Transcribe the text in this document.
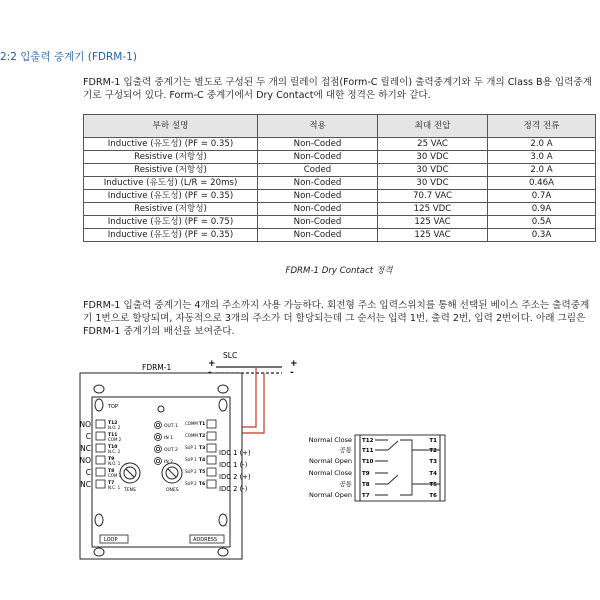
2:2 입출력 중계기 (FDRM-1)

FDRM-1 입출력 중계기는 별도로 구성된 두 개의 릴레이 접점(Form-C 릴레이) 출력중계기와 두 개의 Class B용 입력중계기로 구성되어 있다. Form-C 중계기에서 Dry Contact에 대한 정격은 하기와 같다.

부하 설명	적용	최대 전압	정격 전류
Inductive (유도성) (PF = 0.35)	Non-Coded	25 VAC	2.0 A
Resistive (저항성)	Non-Coded	30 VDC	3.0 A
Resistive (저항성)	Coded	30 VDC	2.0 A
Inductive (유도성) (L/R = 20ms)	Non-Coded	30 VDC	0.46A
Inductive (유도성) (PF = 0.35)	Non-Coded	70.7 VAC	0.7A
Resistive (저항성)	Non-Coded	125 VDC	0.9A
Inductive (유도성) (PF = 0.75)	Non-Coded	125 VAC	0.5A
Inductive (유도성) (PF = 0.35)	Non-Coded	125 VAC	0.3A
FDRM-1 Dry Contact 정격

FDRM-1 입출력 중계기는 4개의 주소까지 사용 가능하다. 회전형 주소 입력스위치를 통해 선택된 베이스 주소는 출력중계기 1번으로 할당되며, 자동적으로 3개의 주소가 더 할당되는데 그 순서는 입력 1번, 출력 2번, 입력 2번이다. 아래 그림은 FDRM-1 중계기의 배선을 보여준다.

SLC
FDRM-1	+	+
-
TOP
NO
C
NC
NO
C
NC
T12
N.O. 2
T11
COM 2
T10
N.C. 2
T9
N.O. 1
T8
COM 1
T7
N.C. 1
OUT 1
IN 1
OUT 2
IN 2
COMM
COMM
SUP 1
SUP 1
SUP 2
SUP 2
T1
T2
T3
T4
T5
T6
IDC 1 (+)
IDC 1 (-)
IDC 2 (+)
IDC 2 (-)
TENS	ONES
LOOP	ADDRESS
Normal Close
공통
Normal Open
Normal Close
공통
Normal Open
T12
T11
T10
T9
T8
T7
T1
T2
T3
T4
T5
T6
